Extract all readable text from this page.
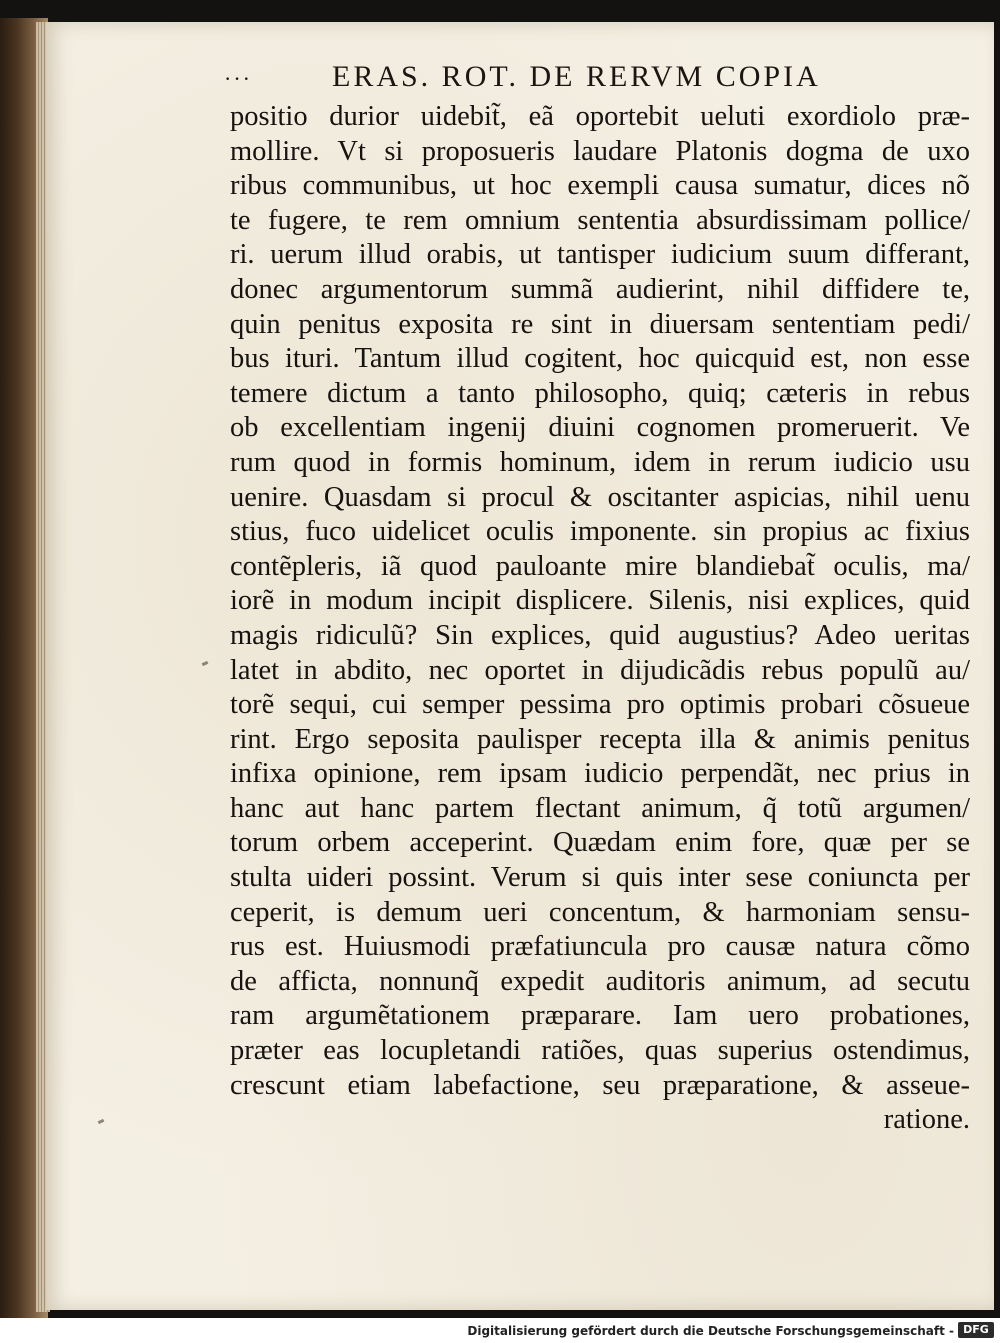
···	ERAS. ROT. DE RERVM COPIA
positio durior uidebit̃, eã oportebit ueluti exordiolo præ-
mollire. Vt si proposueris laudare Platonis dogma de uxo
ribus communibus, ut hoc exempli causa sumatur, dices nõ
te fugere, te rem omnium sententia absurdissimam pollice/
ri. uerum illud orabis, ut tantisper iudicium suum differant,
donec argumentorum summã audierint, nihil diffidere te,
quin penitus exposita re sint in diuersam sententiam pedi/
bus ituri. Tantum illud cogitent, hoc quicquid est, non esse
temere dictum a tanto philosopho, quiq; cæteris in rebus
ob excellentiam ingenij diuini cognomen promeruerit. Ve
rum quod in formis hominum, idem in rerum iudicio usu
uenire. Quasdam si procul & oscitanter aspicias, nihil uenu
stius, fuco uidelicet oculis imponente. sin propius ac fixius
contẽpleris, iã quod pauloante mire blandiebat̃ oculis, ma/
iorẽ in modum incipit displicere. Silenis, nisi explices, quid
magis ridiculũ? Sin explices, quid augustius? Adeo ueritas
latet in abdito, nec oportet in dijudicãdis rebus populũ au/
torẽ sequi, cui semper pessima pro optimis probari cõsueue
rint. Ergo seposita paulisper recepta illa & animis penitus
infixa opinione, rem ipsam iudicio perpendãt, nec prius in
hanc aut hanc partem flectant animum, q̃ totũ argumen/
torum orbem acceperint. Quædam enim fore, quæ per se
stulta uideri possint. Verum si quis inter sese coniuncta per
ceperit, is demum ueri concentum, & harmoniam sensu-
rus est. Huiusmodi præfatiuncula pro causæ natura cõmo
de afficta, nonnunq̃ expedit auditoris animum, ad secutu
ram argumẽtationem præparare. Iam uero probationes,
præter eas locupletandi ratiões, quas superius ostendimus,
crescunt etiam labefactione, seu præparatione, & asseue-
ratione.
Digitalisierung gefördert durch die Deutsche Forschungsgemeinschaft - DFG
